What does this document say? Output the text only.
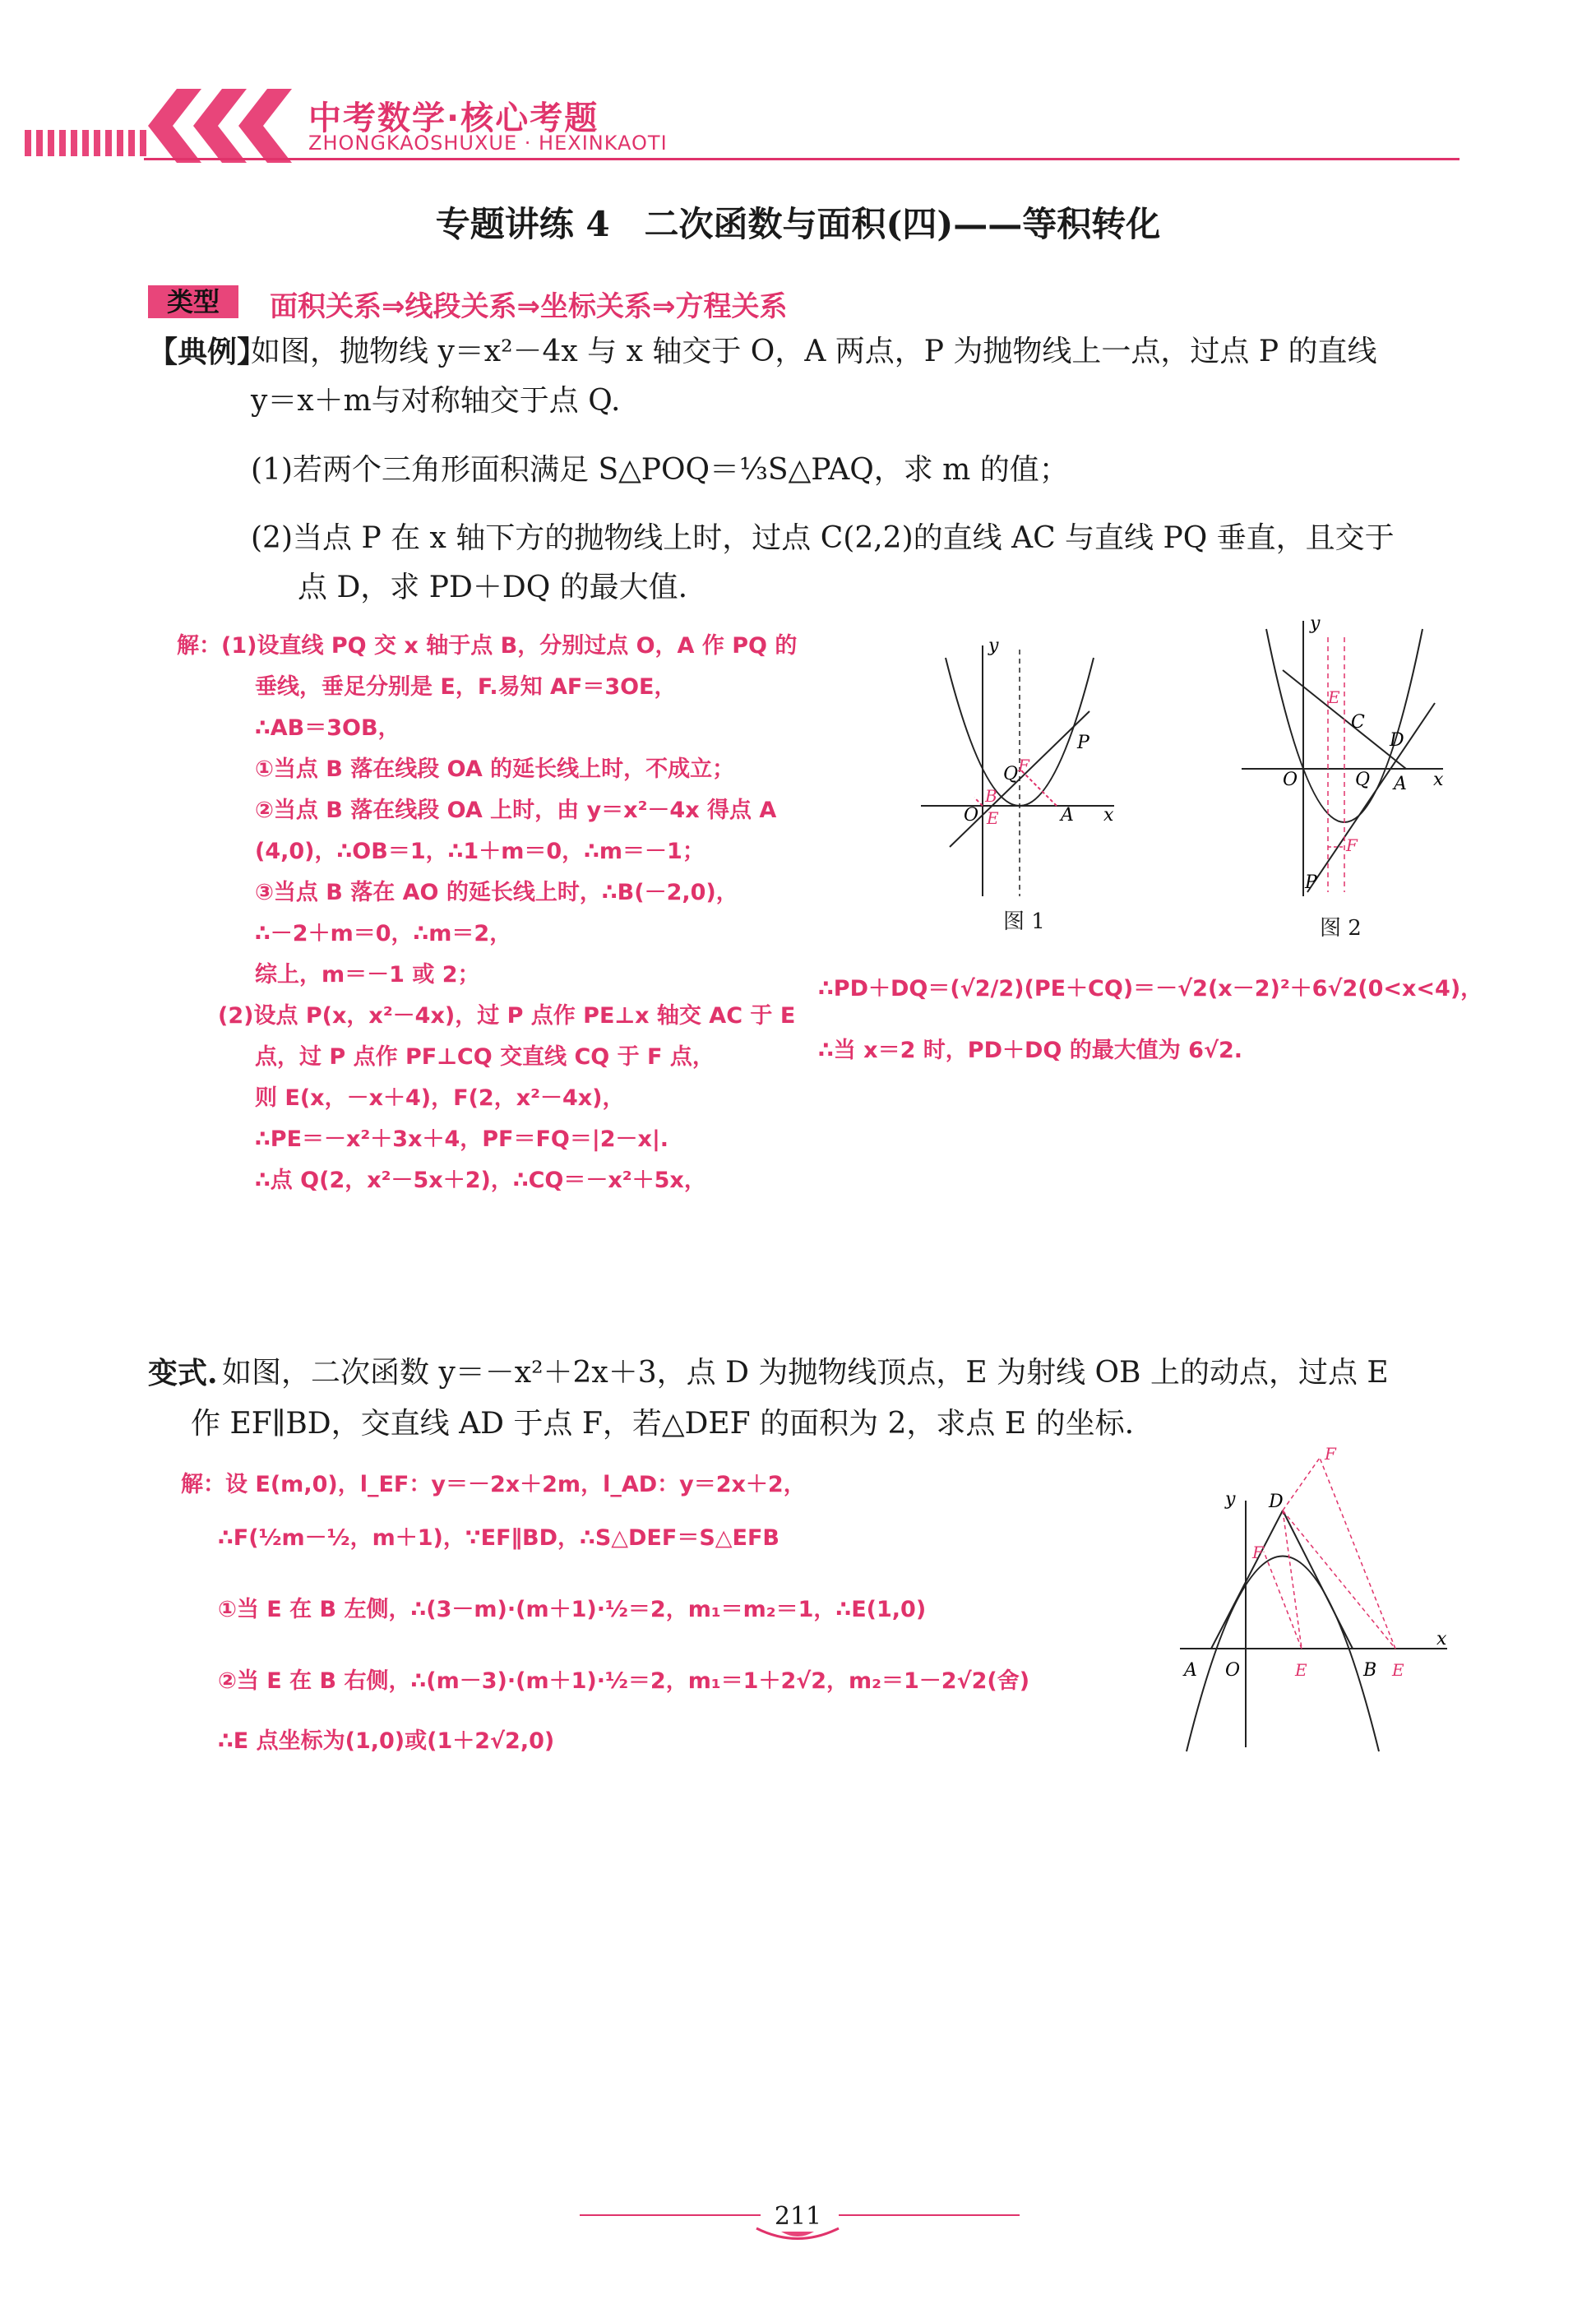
中考数学·核心考题
ZHONGKAOSHUXUE · HEXINKAOTI
专题讲练 4　二次函数与面积(四)——等积转化
类型	面积关系⇒线段关系⇒坐标关系⇒方程关系
【典例】
如图，抛物线 y＝x²－4x 与 x 轴交于 O，A 两点，P 为抛物线上一点，过点 P 的直线
y＝x＋m与对称轴交于点 Q.
(1)若两个三角形面积满足 S△POQ＝⅓S△PAQ，求 m 的值；
(2)当点 P 在 x 轴下方的抛物线上时，过点 C(2,2)的直线 AC 与直线 PQ 垂直，且交于
点 D，求 PD＋DQ 的最大值.
解：(1)设直线 PQ 交 x 轴于点 B，分别过点 O，A 作 PQ 的
垂线，垂足分别是 E，F.易知 AF＝3OE，
∴AB＝3OB，
①当点 B 落在线段 OA 的延长线上时，不成立；
②当点 B 落在线段 OA 上时，由 y＝x²－4x 得点 A
(4,0)，∴OB＝1，∴1＋m＝0，∴m＝－1；
③当点 B 落在 AO 的延长线上时，∴B(－2,0)，
∴－2＋m＝0，∴m＝2，
综上，m＝－1 或 2；
(2)设点 P(x，x²－4x)，过 P 点作 PE⊥x 轴交 AC 于 E
点，过 P 点作 PF⊥CQ 交直线 CQ 于 F 点，
则 E(x，－x＋4)，F(2，x²－4x)，
∴PE＝－x²＋3x＋4，PF＝FQ＝|2－x|.
∴点 Q(2，x²－5x＋2)，∴CQ＝－x²＋5x，
∴PD＋DQ＝(√2/2)(PE＋CQ)＝－√2(x－2)²＋6√2(0<x<4)，
∴当 x＝2 时，PD＋DQ 的最大值为 6√2.
y
x
O	A
P
Q F
B
E
图 1
y
x
O	A
P
Q
C
D
E
F
图 2
变式. 如图，二次函数 y＝－x²＋2x＋3，点 D 为抛物线顶点，E 为射线 OB 上的动点，过点 E
作 EF∥BD，交直线 AD 于点 F，若△DEF 的面积为 2，求点 E 的坐标.
解：设 E(m,0)，l_EF：y＝－2x＋2m，l_AD：y＝2x＋2，
∴F(½m－½，m＋1)，∵EF∥BD，∴S△DEF＝S△EFB
①当 E 在 B 左侧，∴(3－m)·(m＋1)·½＝2，m₁＝m₂＝1，∴E(1,0)
②当 E 在 B 右侧，∴(m－3)·(m＋1)·½＝2，m₁＝1＋2√2，m₂＝1－2√2(舍)
∴E 点坐标为(1,0)或(1＋2√2,0)
y
x
D
F
F
A O	E	B E
211
